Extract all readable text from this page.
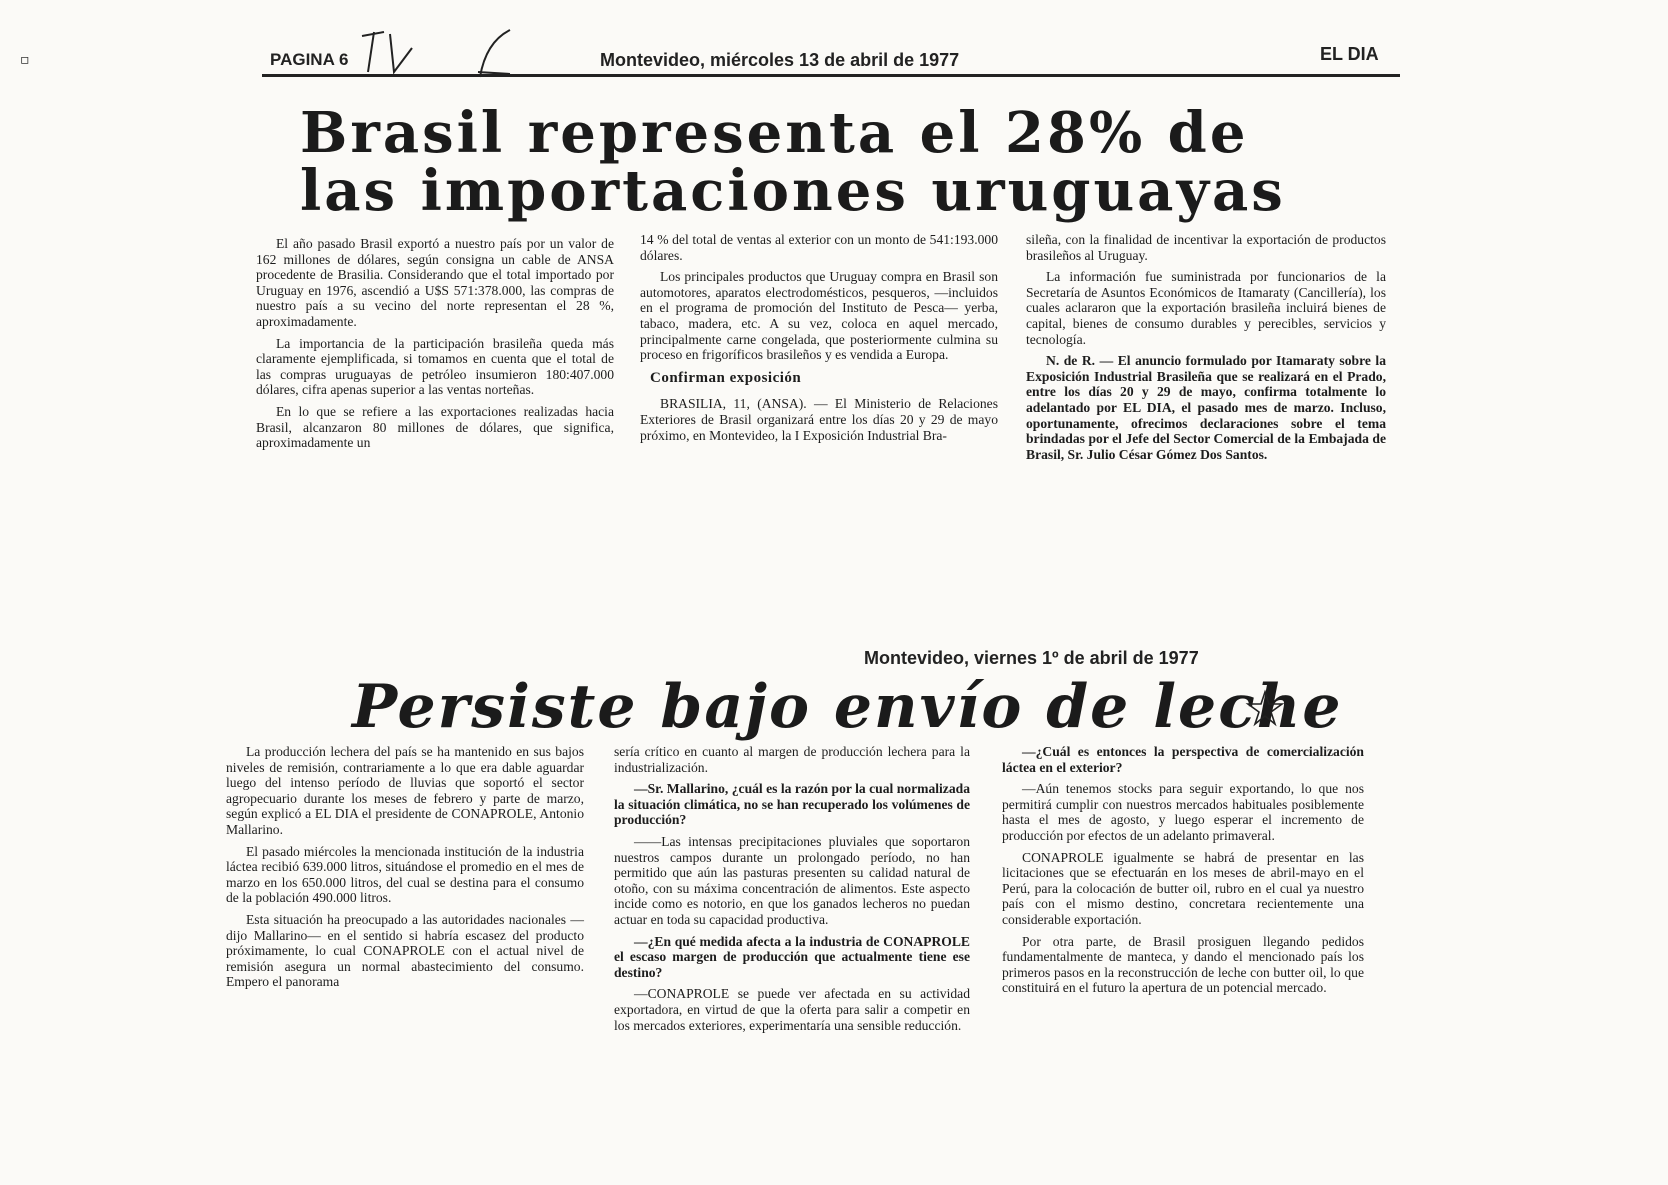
PAGINA 6	Montevideo, miércoles 13 de abril de 1977	EL DIA
▫
Brasil representa el 28% de
las importaciones uruguayas

El año pasado Brasil exportó a nuestro país por un valor de 162 millones de dólares, según consigna un cable de ANSA procedente de Brasilia. Considerando que el total importado por Uruguay en 1976, ascendió a U$S 571:378.000, las compras de nuestro país a su vecino del norte representan el 28 %, aproximadamente.

La importancia de la participación brasileña queda más claramente ejemplificada, si tomamos en cuenta que el total de las compras uruguayas de petróleo insumieron 180:407.000 dólares, cifra apenas superior a las ventas norteñas.

En lo que se refiere a las exportaciones realizadas hacia Brasil, alcanzaron 80 millones de dólares, que significa, aproximadamente un

14 % del total de ventas al exterior con un monto de 541:193.000 dólares.

Los principales productos que Uruguay compra en Brasil son automotores, aparatos electrodomésticos, pesqueros, —incluidos en el programa de promoción del Instituto de Pesca— yerba, tabaco, madera, etc. A su vez, coloca en aquel mercado, principalmente carne congelada, que posteriormente culmina su proceso en frigoríficos brasileños y es vendida a Europa.

Confirman exposición

BRASILIA, 11, (ANSA). — El Ministerio de Relaciones Exteriores de Brasil organizará entre los días 20 y 29 de mayo próximo, en Montevideo, la I Exposición Industrial Bra-

sileña, con la finalidad de incentivar la exportación de productos brasileños al Uruguay.

La información fue suministrada por funcionarios de la Secretaría de Asuntos Económicos de Itamaraty (Cancillería), los cuales aclararon que la exportación brasileña incluirá bienes de capital, bienes de consumo durables y perecibles, servicios y tecnología.

N. de R. — El anuncio formulado por Itamaraty sobre la Exposición Industrial Brasileña que se realizará en el Prado, entre los días 20 y 29 de mayo, confirma totalmente lo adelantado por EL DIA, el pasado mes de marzo. Incluso, oportunamente, ofrecimos declaraciones sobre el tema brindadas por el Jefe del Sector Comercial de la Embajada de Brasil, Sr. Julio César Gómez Dos Santos.

Montevideo, viernes 1º de abril de 1977
Persiste bajo envío de leche

La producción lechera del país se ha mantenido en sus bajos niveles de remisión, contrariamente a lo que era dable aguardar luego del intenso período de lluvias que soportó el sector agropecuario durante los meses de febrero y parte de marzo, según explicó a EL DIA el presidente de CONAPROLE, Antonio Mallarino.

El pasado miércoles la mencionada institución de la industria láctea recibió 639.000 litros, situándose el promedio en el mes de marzo en los 650.000 litros, del cual se destina para el consumo de la población 490.000 litros.

Esta situación ha preocupado a las autoridades nacionales —dijo Mallarino— en el sentido si habría escasez del producto próximamente, lo cual CONAPROLE con el actual nivel de remisión asegura un normal abastecimiento del consumo. Empero el panorama

sería crítico en cuanto al margen de producción lechera para la industrialización.

—Sr. Mallarino, ¿cuál es la razón por la cual normalizada la situación climática, no se han recuperado los volúmenes de producción?

——Las intensas precipitaciones pluviales que soportaron nuestros campos durante un prolongado período, no han permitido que aún las pasturas presenten su calidad natural de otoño, con su máxima concentración de alimentos. Este aspecto incide como es notorio, en que los ganados lecheros no puedan actuar en toda su capacidad productiva.

—¿En qué medida afecta a la industria de CONAPROLE el escaso margen de producción que actualmente tiene ese destino?

—CONAPROLE se puede ver afectada en su actividad exportadora, en virtud de que la oferta para salir a competir en los mercados exteriores, experimentaría una sensible reducción.

—¿Cuál es entonces la perspectiva de comercialización láctea en el exterior?

—Aún tenemos stocks para seguir exportando, lo que nos permitirá cumplir con nuestros mercados habituales posiblemente hasta el mes de agosto, y luego esperar el incremento de producción por efectos de un adelanto primaveral.

CONAPROLE igualmente se habrá de presentar en las licitaciones que se efectuarán en los meses de abril-mayo en el Perú, para la colocación de butter oil, rubro en el cual ya nuestro país con el mismo destino, concretara recientemente una considerable exportación.

Por otra parte, de Brasil prosiguen llegando pedidos fundamentalmente de manteca, y dando el mencionado país los primeros pasos en la reconstrucción de leche con butter oil, lo que constituirá en el futuro la apertura de un potencial mercado.
